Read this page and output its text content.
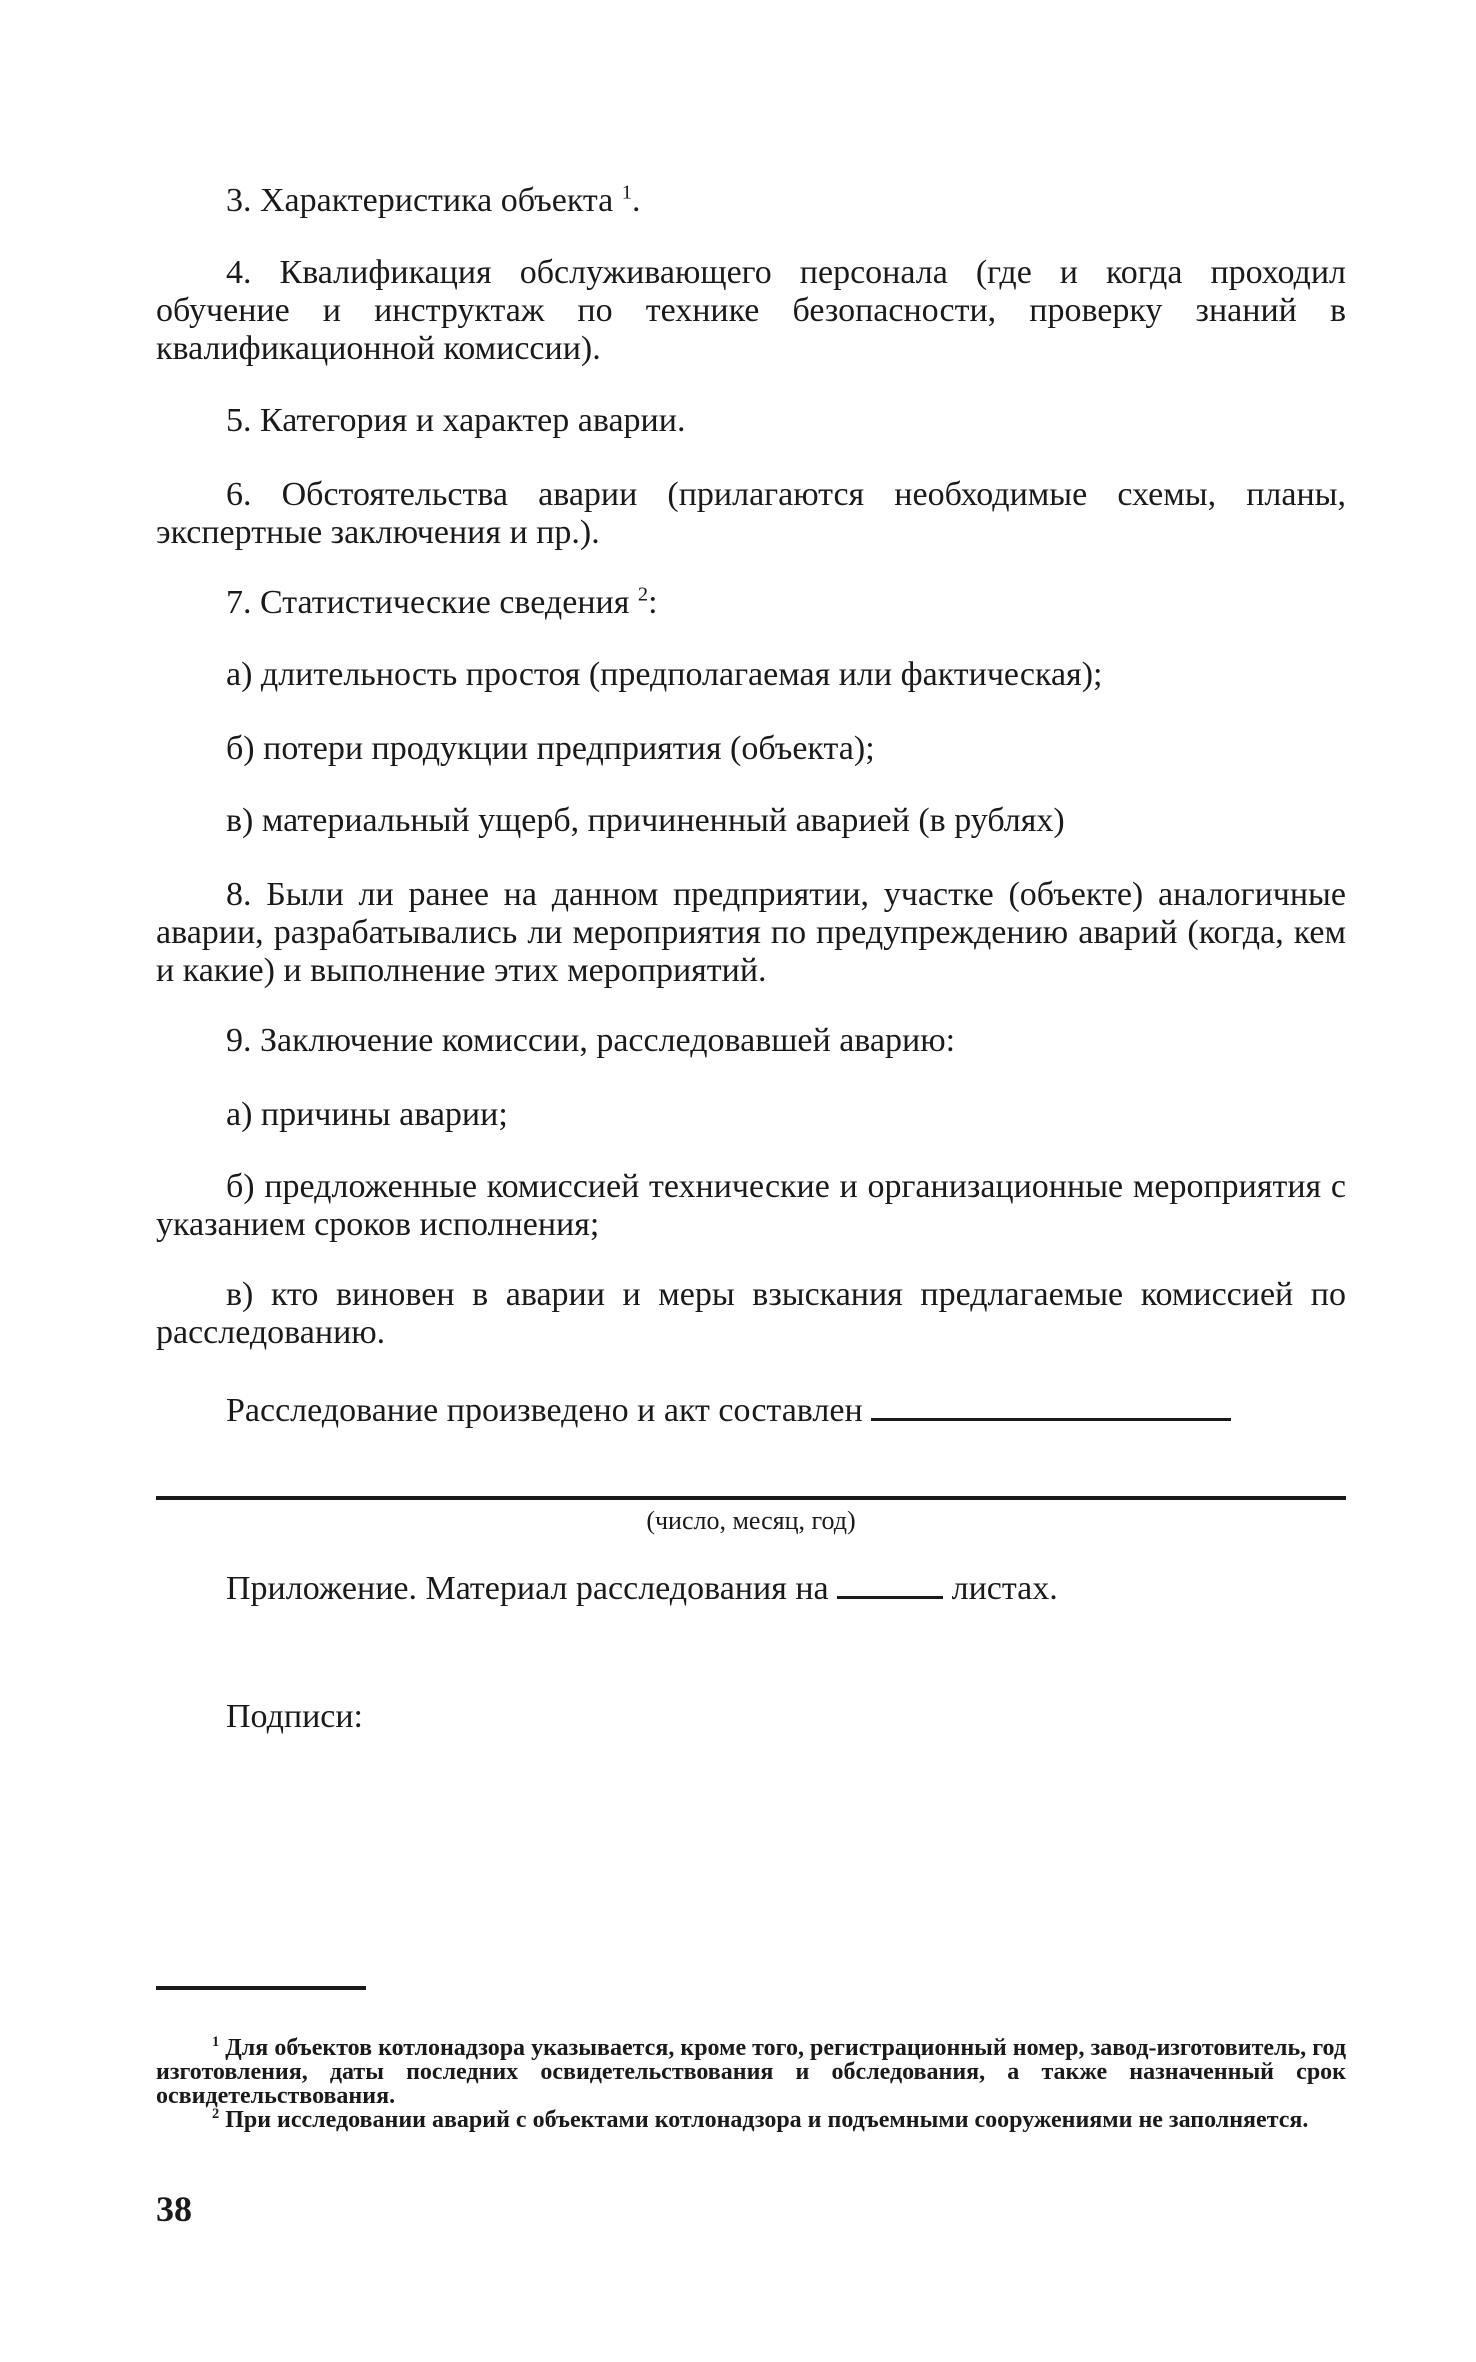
3. Характеристика объекта $^1$.

4. Квалификация обслуживающего персонала (где и когда проходил обучение и инструктаж по технике безопасности, проверку знаний в квалификационной комиссии).

5. Категория и характер аварии.

6. Обстоятельства аварии (прилагаются необходимые схемы, планы, экспертные заключения и пр.).

7. Статистические сведения $^2$:

а) длительность простоя (предполагаемая или фактическая);

б) потери продукции предприятия (объекта);

в) материальный ущерб, причиненный аварией (в рублях)

8. Были ли ранее на данном предприятии, участке (объекте) аналогичные аварии, разрабатывались ли мероприятия по предупреждению аварий (когда, кем и какие) и выполнение этих мероприятий.

9. Заключение комиссии, расследовавшей аварию:

а) причины аварии;

б) предложенные комиссией технические и организационные мероприятия с указанием сроков исполнения;

в) кто виновен в аварии и меры взыскания предлагаемые комиссией по расследованию.

Расследование произведено и акт составлен

(число, месяц, год)

Приложение. Материал расследования на	листах.

Подписи:

$^1$ Для объектов котлонадзора указывается, кроме того, регистрационный номер, завод-изготовитель, год изготовления, даты последних освидетельствования и обследования, а также назначенный срок освидетельствования.

$^2$ При исследовании аварий с объектами котлонадзора и подъемными сооружениями не заполняется.

38
